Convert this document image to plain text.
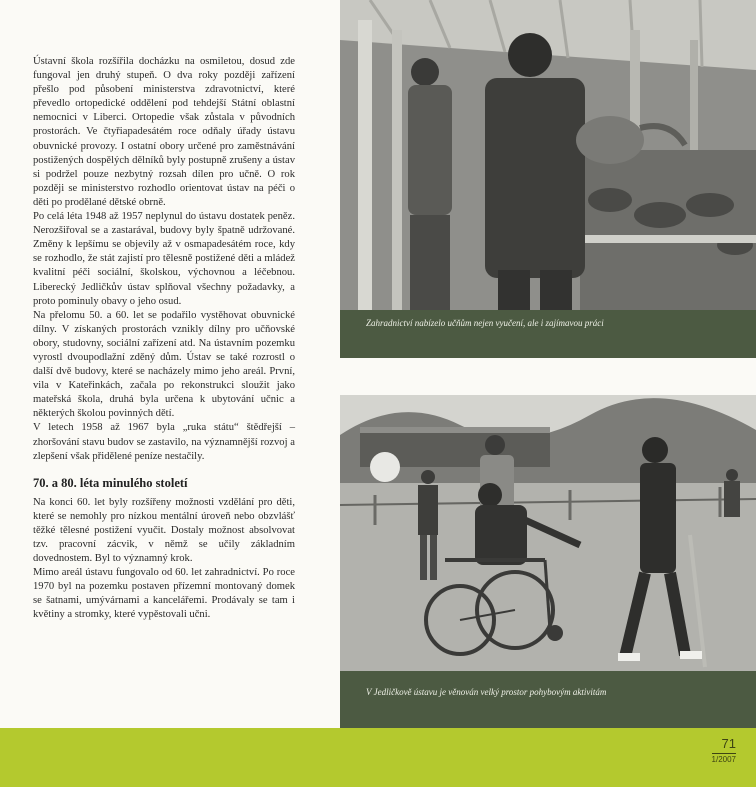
Ústavní škola rozšířila docházku na osmiletou, dosud zde fungoval jen druhý stupeň. O dva roky později zařízení přešlo pod působení ministerstva zdravotnictví, které převedlo ortopedické oddělení pod tehdejší Státní oblastní nemocnici v Liberci. Ortopedie však zůstala v původních prostorách. Ve čtyřiapadesátém roce odňaly úřady ústavu obuvnické provozy. I ostatní obory určené pro zaměstnávání postižených dospělých dělníků byly postupně zrušeny a ústav si podržel pouze nezbytný rozsah dílen pro učně. O rok později se ministerstvo rozhodlo orientovat ústav na péči o děti po prodělané dětské obrně.

Po celá léta 1948 až 1957 neplynul do ústavu dostatek peněz. Nerozšiřoval se a zastarával, budovy byly špatně udržované. Změny k lepšímu se objevily až v osmapadesátém roce, kdy se rozhodlo, že stát zajistí pro tělesně postižené děti a mládež kvalitní péči sociální, školskou, výchovnou a léčebnou. Liberecký Jedličkův ústav splňoval všechny požadavky, a proto pominuly obavy o jeho osud.

Na přelomu 50. a 60. let se podařilo vystěhovat obuvnické dílny. V získaných prostorách vznikly dílny pro učňovské obory, studovny, sociální zařízení atd. Na ústavním pozemku vyrostl dvoupodlažní zděný dům. Ústav se také rozrostl o další dvě budovy, které se nacházely mimo jeho areál. První, vila v Kateřinkách, začala po rekonstrukci sloužit jako mateřská škola, druhá byla určena k ubytování učnic a některých školou povinných dětí.

V letech 1958 až 1967 byla „ruka státu“ štědřejší – zhoršování stavu budov se zastavilo, na významnější rozvoj a zlepšení však přidělené peníze nestačily.

70. a 80. léta minulého století

Na konci 60. let byly rozšířeny možnosti vzdělání pro děti, které se nemohly pro nízkou mentální úroveň nebo obzvlášť těžké tělesné postižení vyučit. Dostaly možnost absolvovat tzv. pracovní zácvik, v němž se učily základním dovednostem. Byl to významný krok.

Mimo areál ústavu fungovalo od 60. let zahradnictví. Po roce 1970 byl na pozemku postaven přízemní montovaný domek se šatnami, umývárnami a kancelářemi. Prodávaly se tam i květiny a stromky, které vypěstovali učni.

Zahradnictví nabízelo učňům nejen vyučení, ale i zajímavou práci
V Jedličkově ústavu je věnován velký prostor pohybovým aktivitám
71
1/2007
